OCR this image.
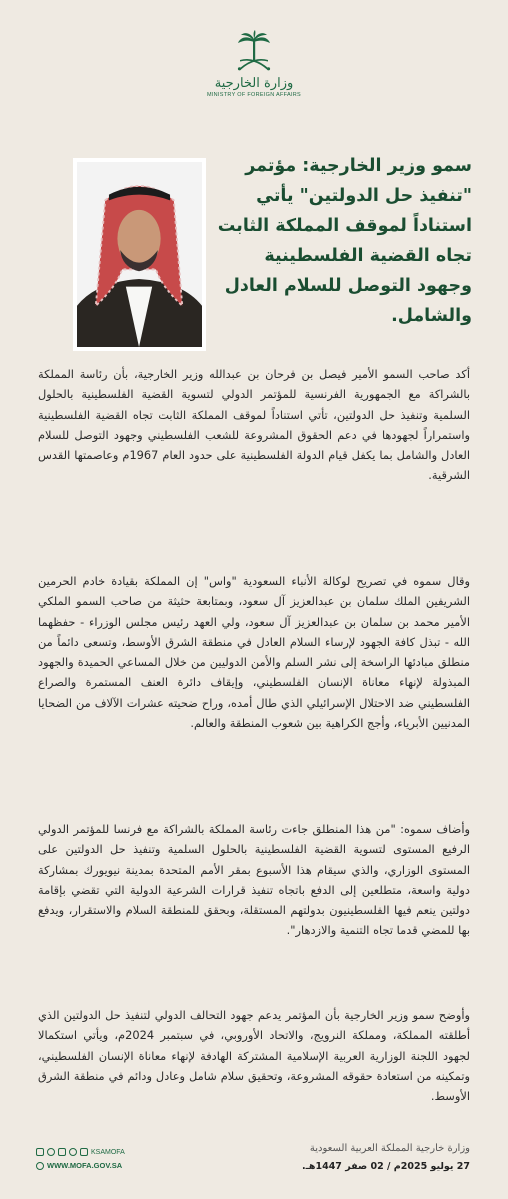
وزارة الخارجية
MINISTRY OF FOREIGN AFFAIRS
سمو وزير الخارجية: مؤتمر "تنفيذ حل الدولتين" يأتي استناداً لموقف المملكة الثابت تجاه القضية الفلسطينية وجهود التوصل للسلام العادل والشامل.
أكد صاحب السمو الأمير فيصل بن فرحان بن عبدالله وزير الخارجية، بأن رئاسة المملكة بالشراكة مع الجمهورية الفرنسية للمؤتمر الدولي لتسوية القضية الفلسطينية بالحلول السلمية وتنفيذ حل الدولتين، تأتي استناداً لموقف المملكة الثابت تجاه القضية الفلسطينية واستمراراً لجهودها في دعم الحقوق المشروعة للشعب الفلسطيني وجهود التوصل للسلام العادل والشامل بما يكفل قيام الدولة الفلسطينية على حدود العام 1967م وعاصمتها القدس الشرقية.
وقال سموه في تصريح لوكالة الأنباء السعودية "واس" إن المملكة بقيادة خادم الحرمين الشريفين الملك سلمان بن عبدالعزيز آل سعود، وبمتابعة حثيثة من صاحب السمو الملكي الأمير محمد بن سلمان بن عبدالعزيز آل سعود، ولي العهد رئيس مجلس الوزراء - حفظهما الله - تبذل كافة الجهود لإرساء السلام العادل في منطقة الشرق الأوسط، وتسعى دائماً من منطلق مبادئها الراسخة إلى نشر السلم والأمن الدوليين من خلال المساعي الحميدة والجهود المبذولة لإنهاء معاناة الإنسان الفلسطيني، وإيقاف دائرة العنف المستمرة والصراع الفلسطيني ضد الاحتلال الإسرائيلي الذي طال أمده، وراح ضحيته عشرات الآلاف من الضحايا المدنيين الأبرياء، وأجج الكراهية بين شعوب المنطقة والعالم.
وأضاف سموه: "من هذا المنطلق جاءت رئاسة المملكة بالشراكة مع فرنسا للمؤتمر الدولي الرفيع المستوى لتسوية القضية الفلسطينية بالحلول السلمية وتنفيذ حل الدولتين على المستوى الوزاري، والذي سيقام هذا الأسبوع بمقر الأمم المتحدة بمدينة نيويورك بمشاركة دولية واسعة، متطلعين إلى الدفع باتجاه تنفيذ قرارات الشرعية الدولية التي تقضي بإقامة دولتين ينعم فيها الفلسطينيون بدولتهم المستقلة، وبحقق للمنطقة السلام والاستقرار، ويدفع بها للمضي قدما تجاه التنمية والازدهار".
وأوضح سمو وزير الخارجية بأن المؤتمر يدعم جهود التحالف الدولي لتنفيذ حل الدولتين الذي أطلقته المملكة، ومملكة النرويج، والاتحاد الأوروبي، في سبتمبر 2024م، ويأتي استكمالا لجهود اللجنة الوزارية العربية الإسلامية المشتركة الهادفة لإنهاء معاناة الإنسان الفلسطيني، وتمكينه من استعادة حقوقه المشروعة، وتحقيق سلام شامل وعادل ودائم في منطقة الشرق الأوسط.
KSAMOFA
WWW.MOFA.GOV.SA
وزارة خارجية المملكة العربية السعودية
27 يوليو 2025م / 02 صفر 1447هـ.
